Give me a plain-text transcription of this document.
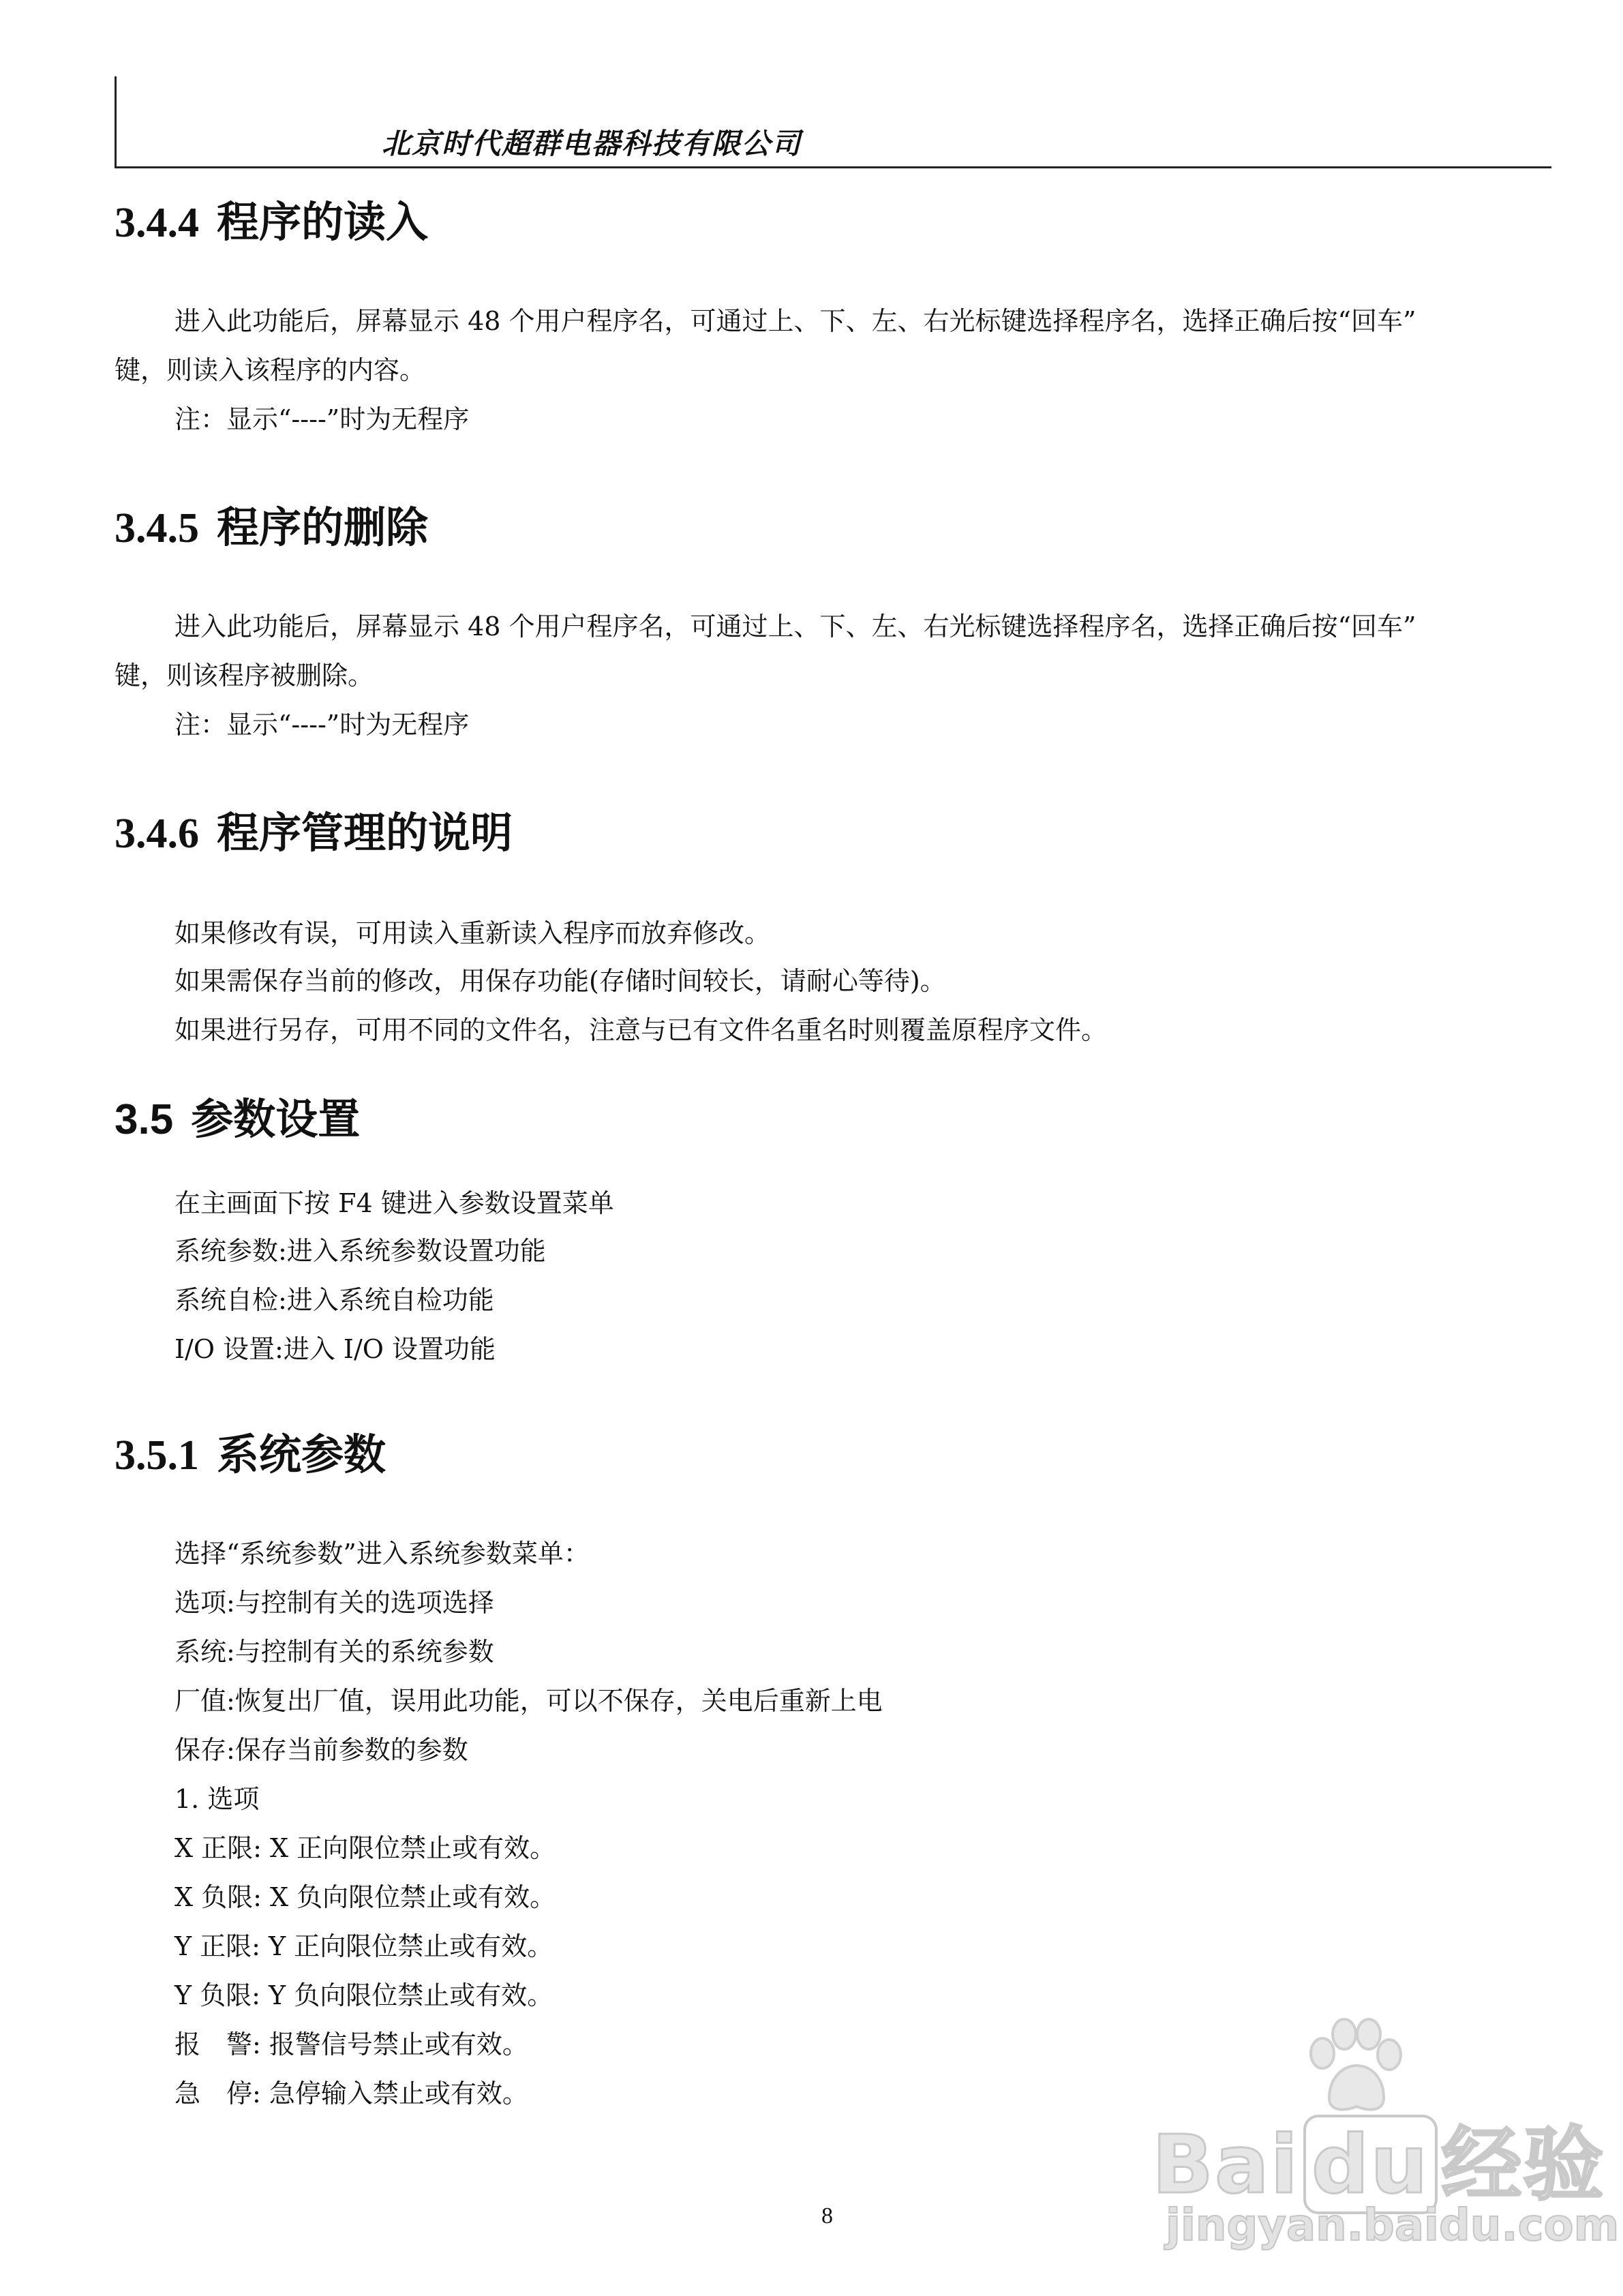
北京时代超群电器科技有限公司
3.4.4 程序的读入
进入此功能后，屏幕显示 48 个用户程序名，可通过上、下、左、右光标键选择程序名，选择正确后按“回车”
键，则读入该程序的内容。
注：显示“----”时为无程序
3.4.5 程序的删除
进入此功能后，屏幕显示 48 个用户程序名，可通过上、下、左、右光标键选择程序名，选择正确后按“回车”
键，则该程序被删除。
注：显示“----”时为无程序
3.4.6 程序管理的说明
如果修改有误，可用读入重新读入程序而放弃修改。
如果需保存当前的修改，用保存功能(存储时间较长，请耐心等待)。
如果进行另存，可用不同的文件名，注意与已有文件名重名时则覆盖原程序文件。
3.5 参数设置
在主画面下按 F4 键进入参数设置菜单
系统参数:进入系统参数设置功能
系统自检:进入系统自检功能
I/O 设置:进入 I/O 设置功能
3.5.1 系统参数
选择“系统参数”进入系统参数菜单：
选项:与控制有关的选项选择
系统:与控制有关的系统参数
厂值:恢复出厂值，误用此功能，可以不保存，关电后重新上电
保存:保存当前参数的参数
1. 选项
X 正限: X 正向限位禁止或有效。
X 负限: X 负向限位禁止或有效。
Y 正限: Y 正向限位禁止或有效。
Y 负限: Y 负向限位禁止或有效。
报　警: 报警信号禁止或有效。
急　停: 急停输入禁止或有效。
8
Bai du 经验
jingyan.baidu.com
